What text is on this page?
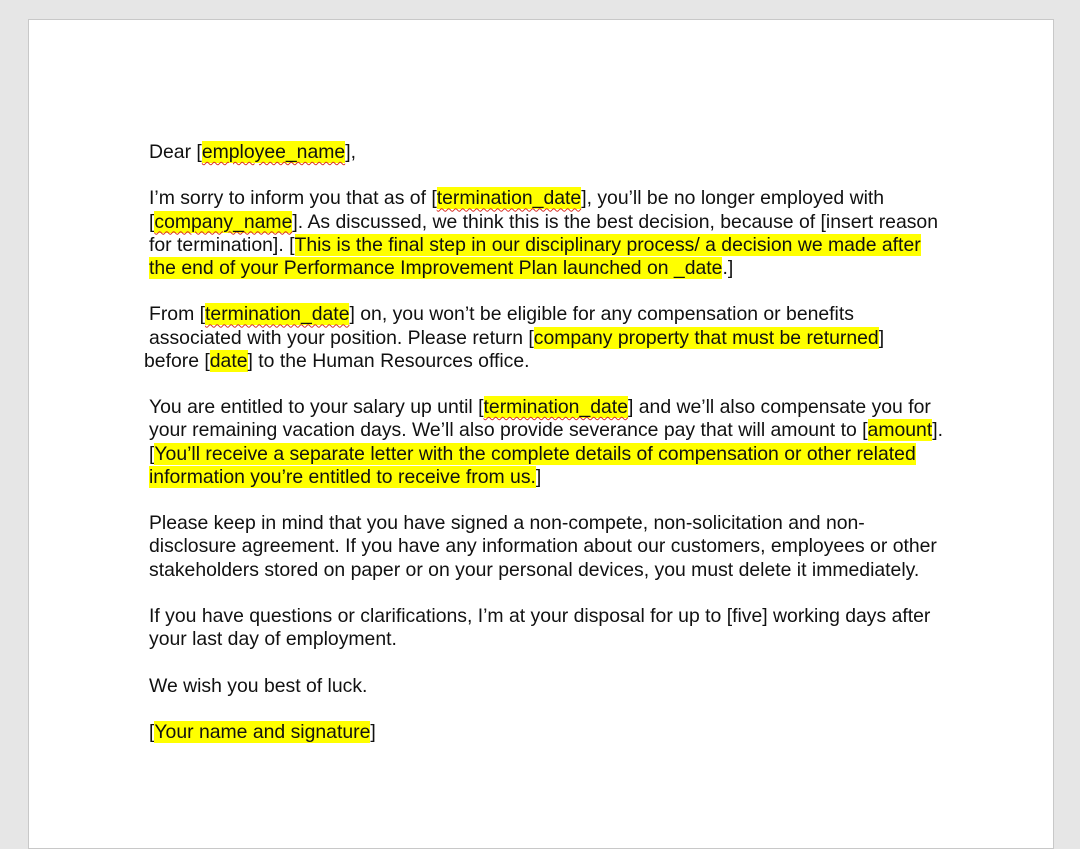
Dear [employee_name],

I’m sorry to inform you that as of [termination_date], you’ll be no longer employed with
[company_name]. As discussed, we think this is the best decision, because of [insert reason for termination]. [This is the final step in our disciplinary process/ a decision we made after the end of your Performance Improvement Plan launched on _date.]

From [termination_date] on, you won’t be eligible for any compensation or benefits associated with your position. Please return [company property that must be returned]
before [date] to the Human Resources office.

You are entitled to your salary up until [termination_date] and we’ll also compensate you for your remaining vacation days. We’ll also provide severance pay that will amount to [amount]. [You’ll receive a separate letter with the complete details of compensation or other related information you’re entitled to receive from us.]

Please keep in mind that you have signed a non-compete, non-solicitation and non-disclosure agreement. If you have any information about our customers, employees or other stakeholders stored on paper or on your personal devices, you must delete it immediately.

If you have questions or clarifications, I’m at your disposal for up to [five] working days after your last day of employment.

We wish you best of luck.

[Your name and signature]
